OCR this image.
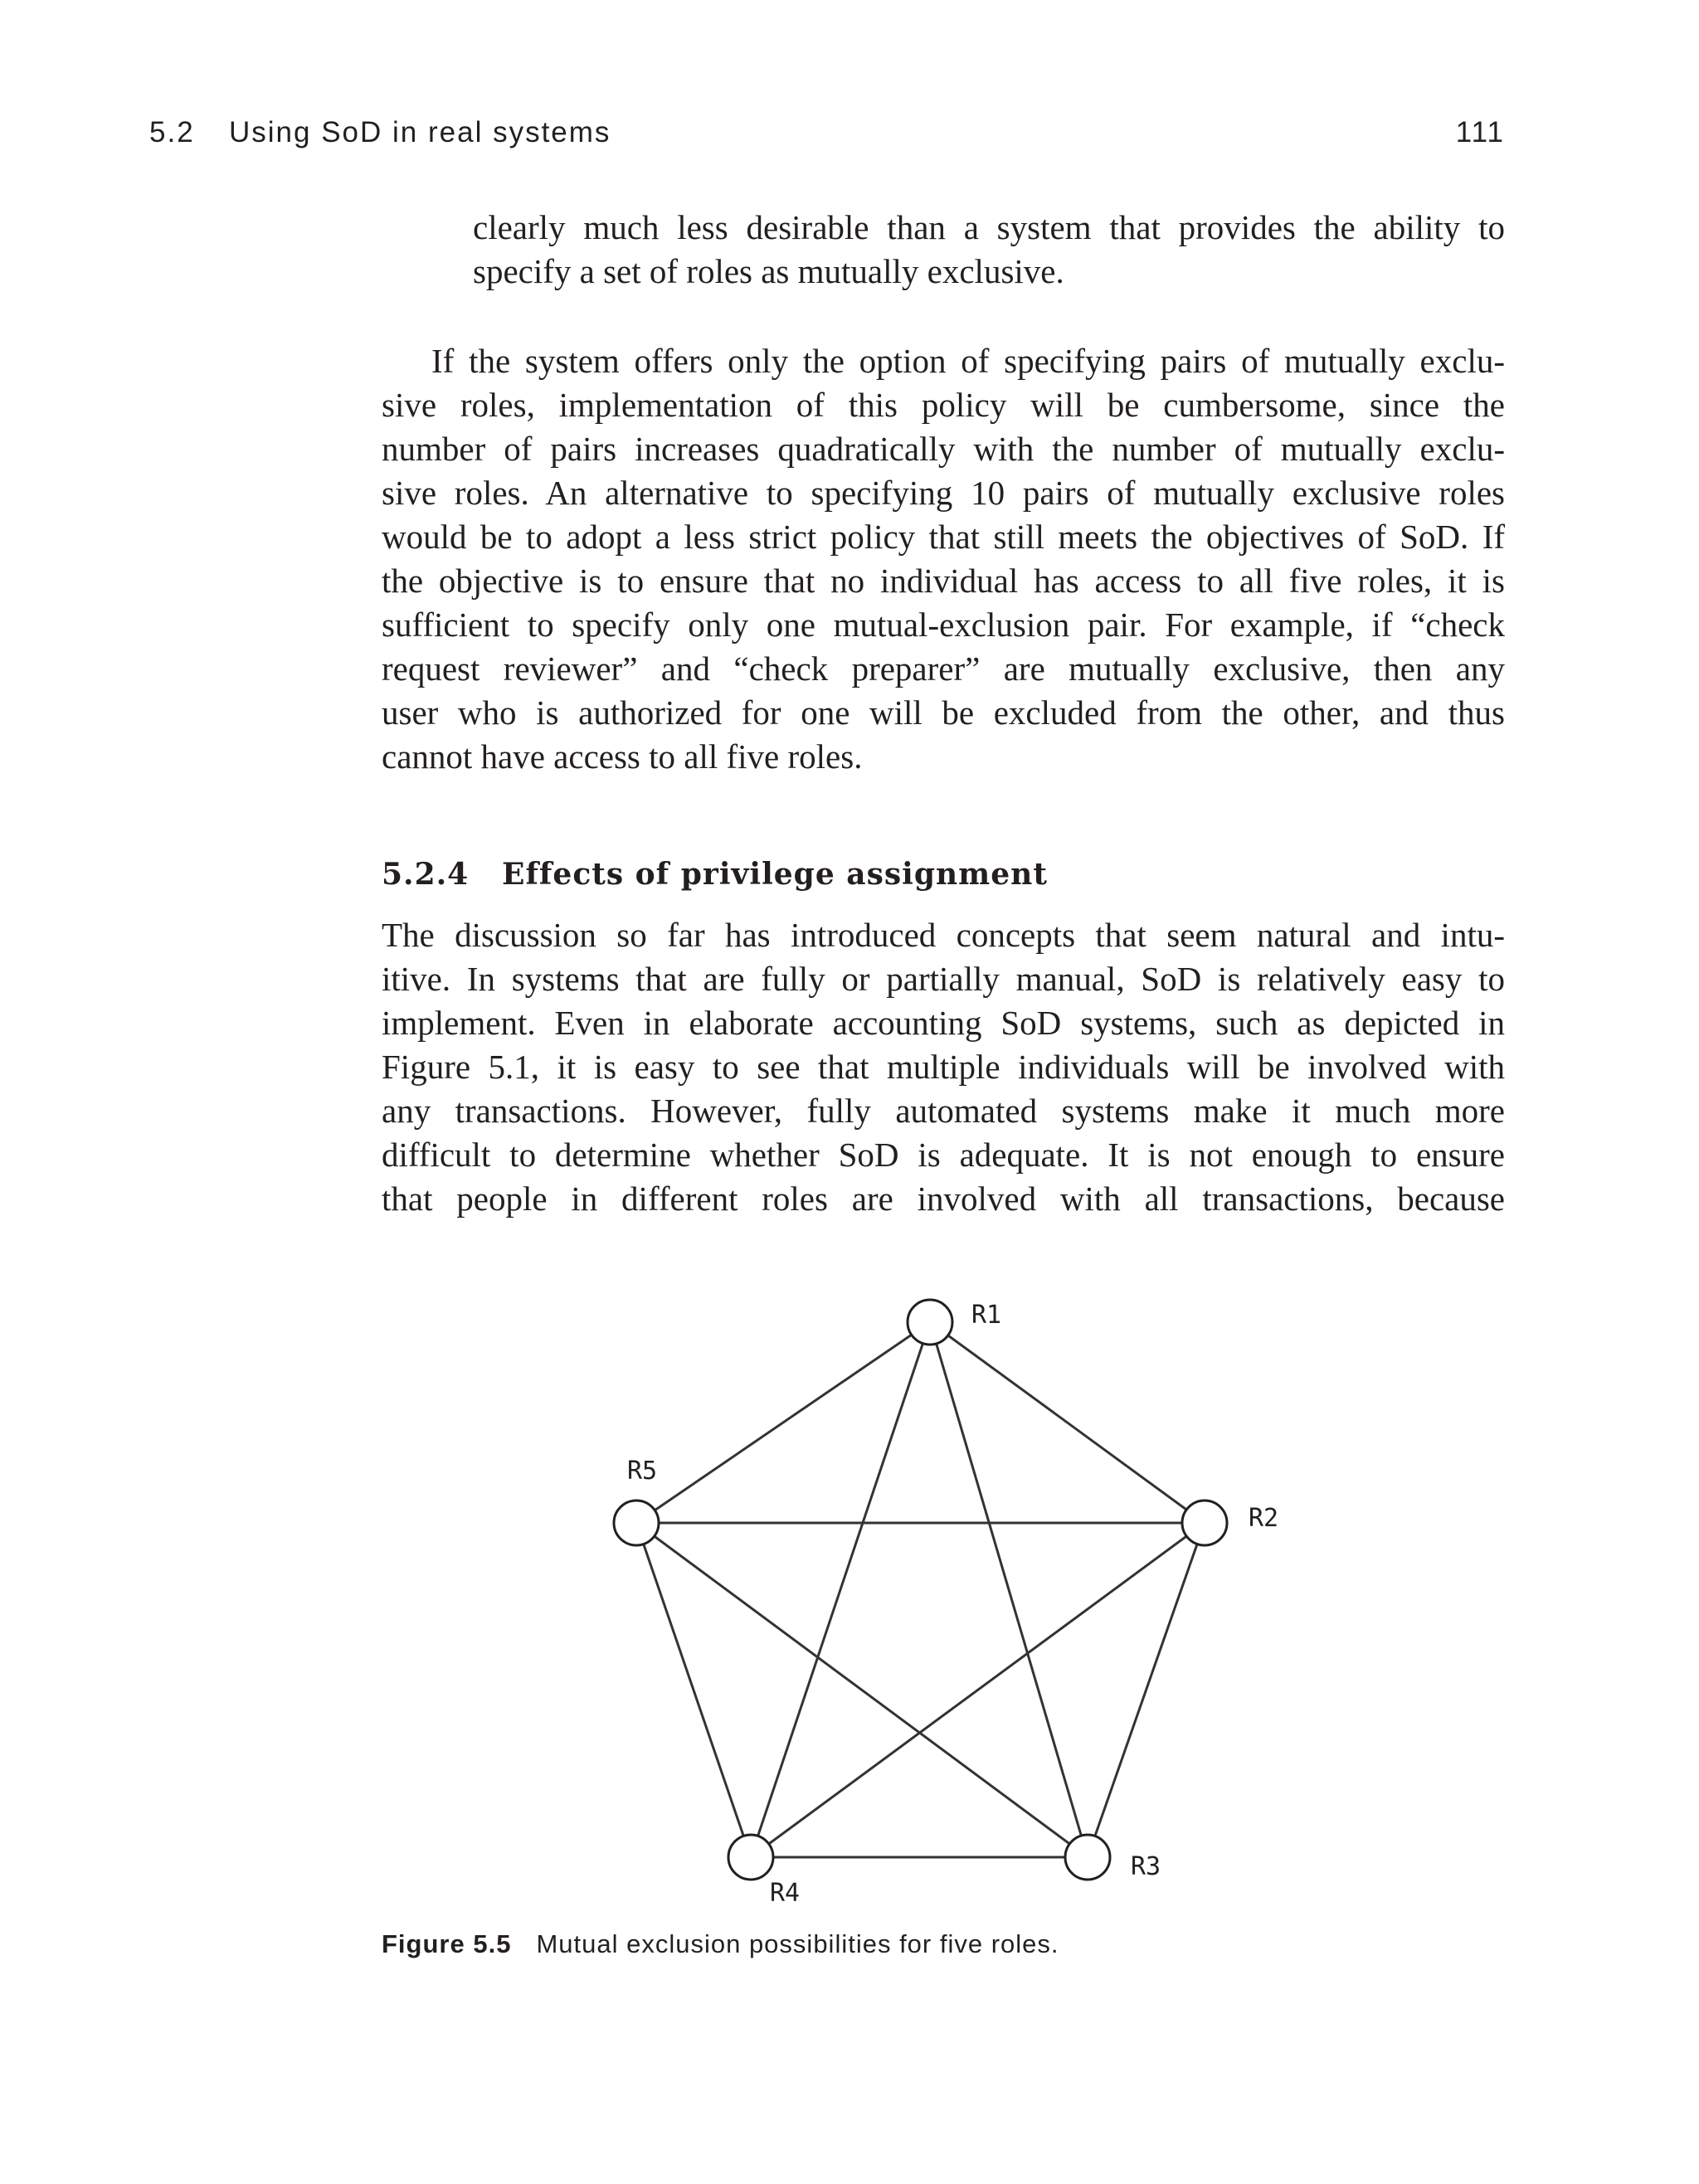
5.2 Using SoD in real systems	111
clearly much less desirable than a system that provides the ability to
specify a set of roles as mutually exclusive.
If the system offers only the option of specifying pairs of mutually exclu-
sive roles, implementation of this policy will be cumbersome, since the
number of pairs increases quadratically with the number of mutually exclu-
sive roles. An alternative to specifying 10 pairs of mutually exclusive roles
would be to adopt a less strict policy that still meets the objectives of SoD. If
the objective is to ensure that no individual has access to all five roles, it is
sufficient to specify only one mutual-exclusion pair. For example, if “check
request reviewer” and “check preparer” are mutually exclusive, then any
user who is authorized for one will be excluded from the other, and thus
cannot have access to all five roles.
5.2.4 Effects of privilege assignment
The discussion so far has introduced concepts that seem natural and intu-
itive. In systems that are fully or partially manual, SoD is relatively easy to
implement. Even in elaborate accounting SoD systems, such as depicted in
Figure 5.1, it is easy to see that multiple individuals will be involved with
any transactions. However, fully automated systems make it much more
difficult to determine whether SoD is adequate. It is not enough to ensure
that people in different roles are involved with all transactions, because
R1
R2
R3
R4
R5
Figure 5.5 Mutual exclusion possibilities for five roles.
